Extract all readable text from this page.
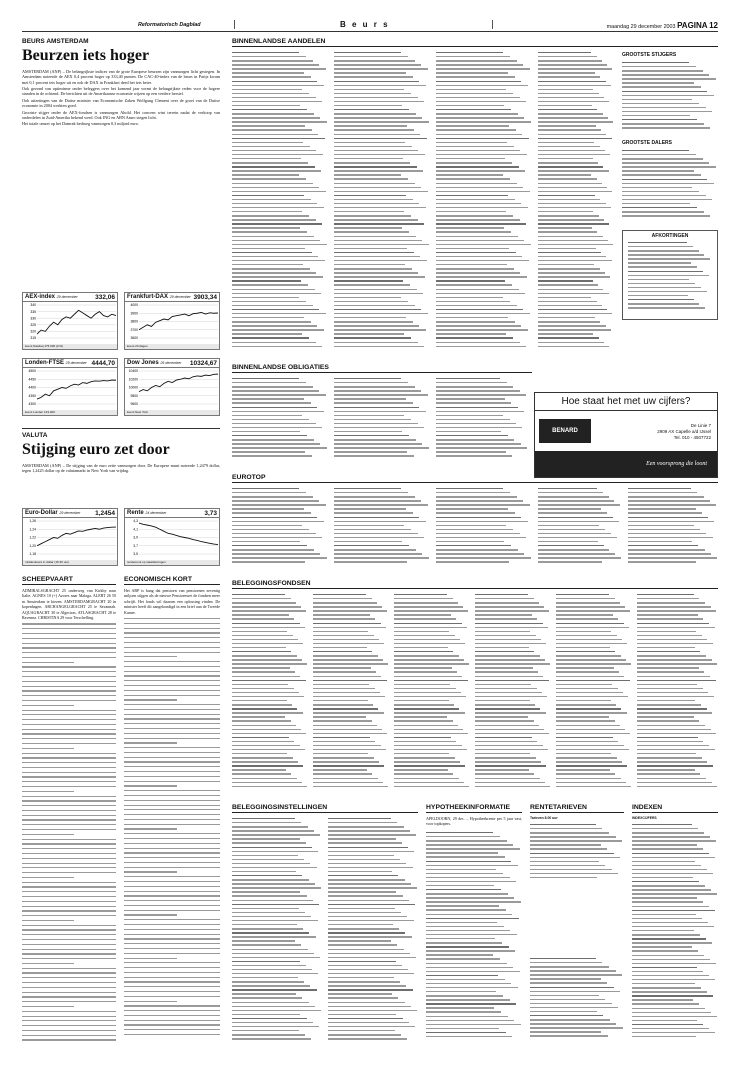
Reformatorisch Dagblad	B e u r s	maandag 29 december 2003 PAGINA 12
BEURS AMSTERDAM
Beurzen iets hoger

AMSTERDAM (ANP) – De belangrijkste indices van de grote Europese beurzen zijn vanmorgen licht gestegen. In Amsterdam noteerde de AEX 0,4 procent hoger op 333,40 punten. De CAC-40-index van de beurs in Parijs kwam met 0,1 procent iets hoger uit en ook de DAX in Frankfurt deed het iets beter.

Ook gezond van optimisme onder beleggers over het komend jaar vormt de belangrijkste reden voor de hogere standen in de ochtend. De berichten uit de Amerikaanse economie wijzen op een verdere herstel.

Ook uitzetingen van de Duitse minister van Economische Zaken Wolfgang Clement over de groei van de Duitse economie in 2004 werkten goed.

Grootste stijger onder de AEX-fondsen is vanmorgen Ahold. Het concern wint terrein nadat de verkoop van onderdelen in Zuid-Amerika bekend werd. Ook ING en ABN Amro stegen licht.

Het totale omzet op het Damrak bedroeg vanmorgen 0,3 miljard euro.

AEX-index 29 december	332,06
340
335
330
325
320
315
koers Nasdaq 175.000 (in%)
Frankfurt-DAX 29 december 3903,34
4000
3900
3800
3700
3600
koers 20 dagen
Londen-FTSE 29 december 4444,70
4500
4450
4400
4350
4300
koers Londen 123.200
Dow Jones 26 december 10324,67
10400
10200
10000
9800
9600
koers New York
VALUTA
Stijging euro zet door
AMSTERDAM (ANP) – De stijging van de euro zette vanmorgen door. De Europese munt noteerde 1,2479 dollar, tegen 1,2425 dollar op de valutamarkt in New York van vrijdag.
Euro-Dollar 29 december 1,2454
1,26
1,24
1,22
1,20
1,18
middenkoers in dollar (15.30 uur)
Rente 24 december	3,73
4,3
4,1
3,9
3,7
3,5
rendement op staatsleningen
SCHEEPVAART
ADMIRALSGRACHT 25 onderweg van Kirkby naar Italie. AGNES 10 (+) Azores naar Malaga. ALERT 26 50 m Amsterdam te kiezen. AMSTERDAMGRACHT 20 in kopenhagen. ARCHANGELGRACHT 25 te Savannah. AQUAGRACHT 30 te Algeciras. ATLASGRACHT 28 te Ravenna. CHRISTINA 29 voor Terschelling.
ECONOMISCH KORT
Het ABP is bang dat pensioen van pensioenen zeventig miljoen stijgen als de nieuwe Pensioenwet de fondsen meer schrijft. Het fonds wil daarom een oplossing vinden. De minister heeft dit aangekondigd in een brief aan de Tweede Kamer.
BINNENLANDSE AANDELEN
GROOTSTE STIJGERS
GROOTSTE DALERS
AFKORTINGEN
BINNENLANDSE OBLIGATIES
Hoe staat het met uw cijfers?
BENARD
De Linie 7
2909 AX Capelle a/d IJssel
Tel. 010 - 4507722
Een voorsprong die loont
EUROTOP
BELEGGINGSFONDSEN
BELEGGINGSINSTELLINGEN	HYPOTHEEKINFORMATIE
APELDOORN, 29 dec. – Hypotheekrente per 5 jaar vast, voor topkopers.
RENTETARIEVEN
Tarieven 8.00 uur
INDEXEN
INDEXCIJFERS
